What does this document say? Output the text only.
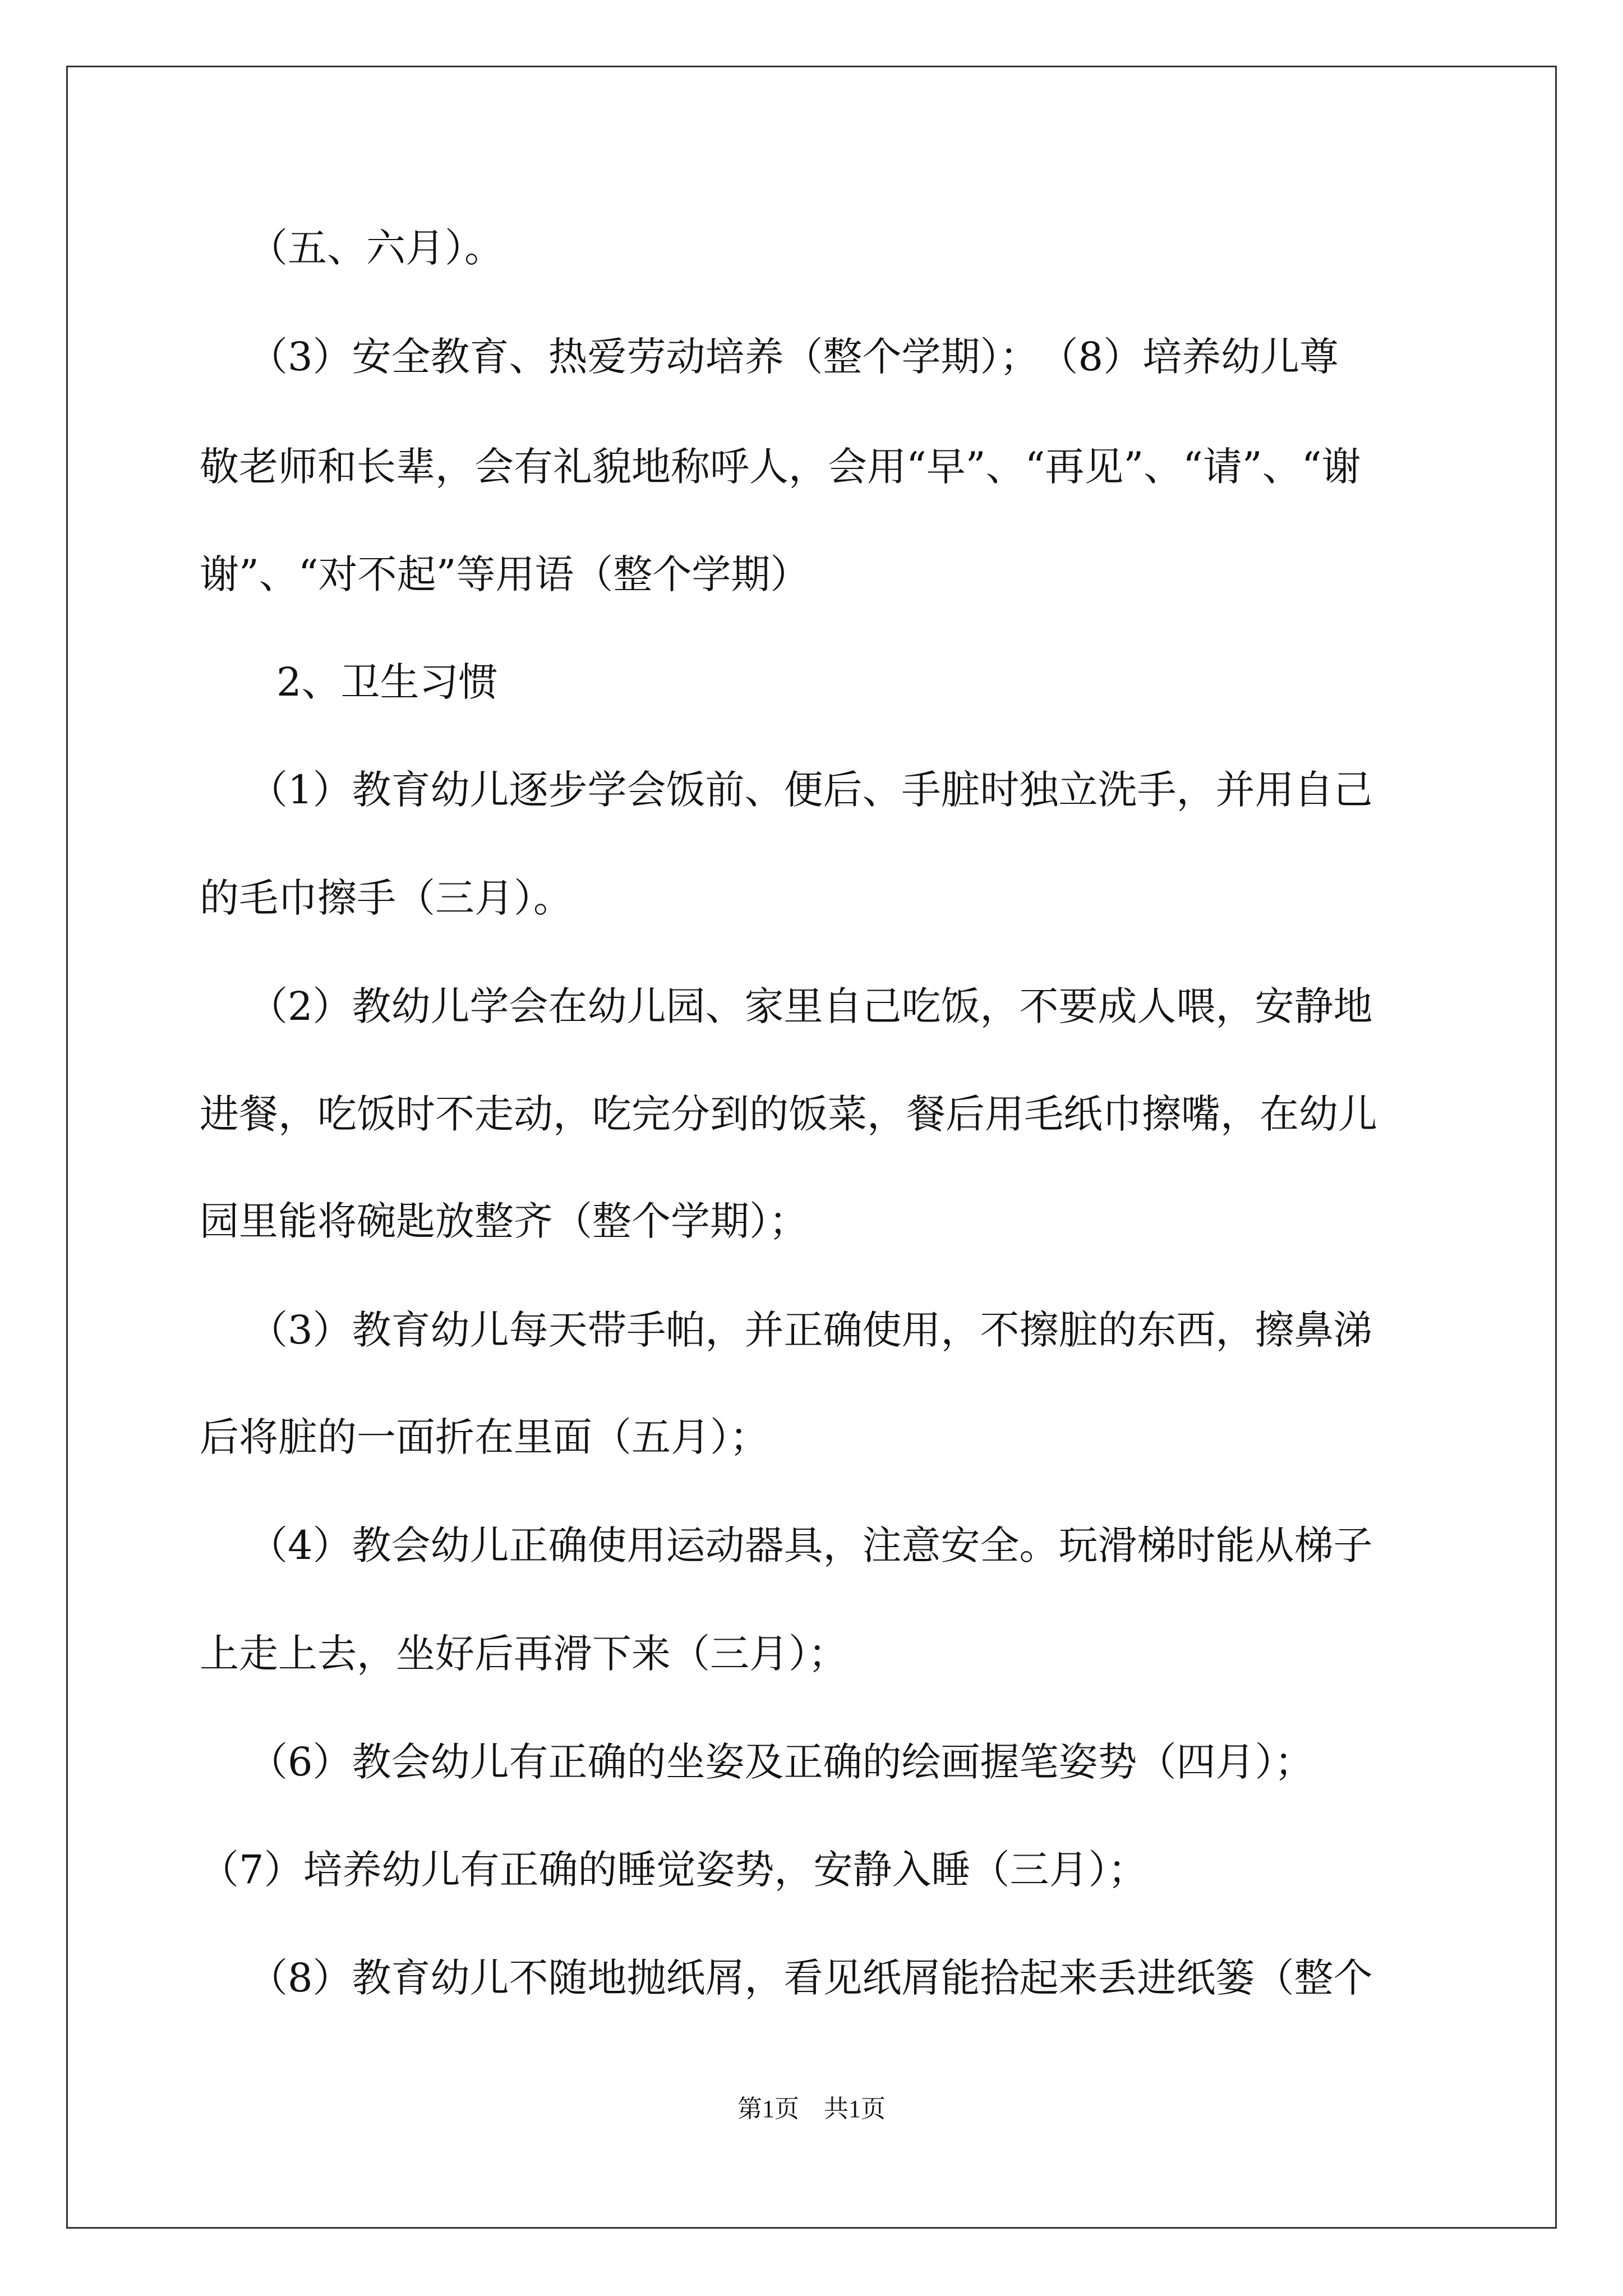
（五、六月）。
（3）安全教育、热爱劳动培养（整个学期）；　（8）培养幼儿尊
敬老师和长辈，会有礼貌地称呼人，会用“早”、“再见”、“请”、“谢
谢”、“对不起”等用语（整个学期）
2、卫生习惯
（1）教育幼儿逐步学会饭前、便后、手脏时独立洗手，并用自己
的毛巾擦手（三月）。
（2）教幼儿学会在幼儿园、家里自己吃饭，不要成人喂，安静地
进餐，吃饭时不走动，吃完分到的饭菜，餐后用毛纸巾擦嘴，在幼儿
园里能将碗匙放整齐（整个学期）；
（3）教育幼儿每天带手帕，并正确使用，不擦脏的东西，擦鼻涕
后将脏的一面折在里面（五月）；
（4）教会幼儿正确使用运动器具，注意安全。玩滑梯时能从梯子
上走上去，坐好后再滑下来（三月）；
（6）教会幼儿有正确的坐姿及正确的绘画握笔姿势（四月）；
（7）培养幼儿有正确的睡觉姿势，安静入睡（三月）；
（8）教育幼儿不随地抛纸屑，看见纸屑能拾起来丢进纸篓（整个
第1页　共1页
